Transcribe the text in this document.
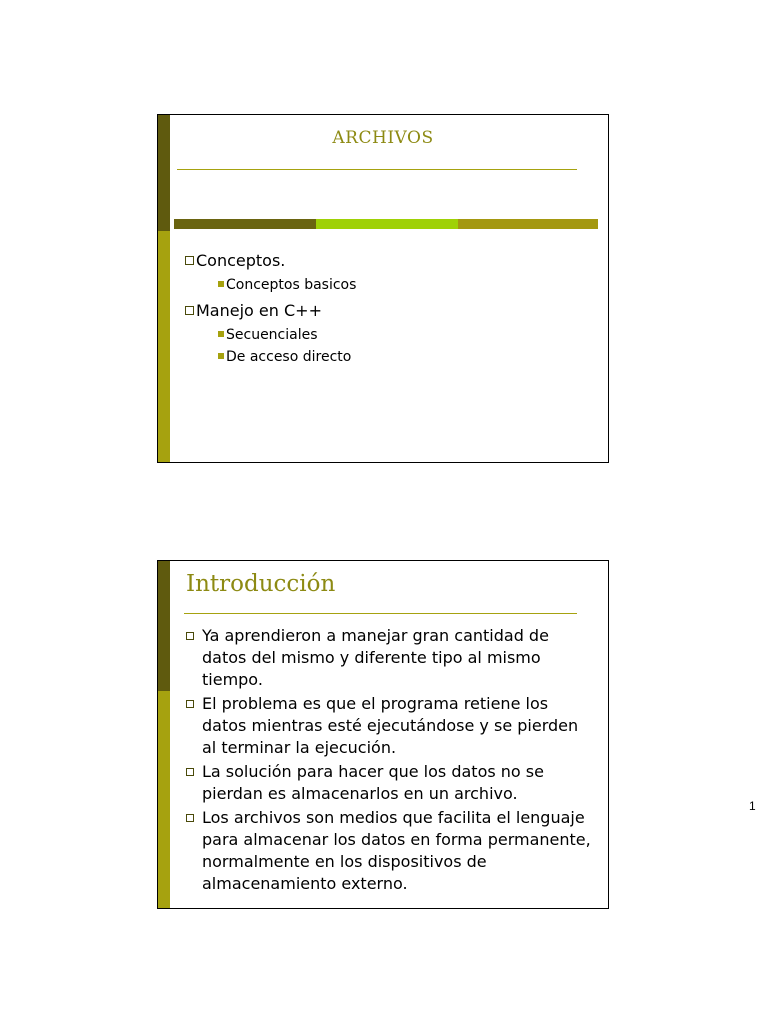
ARCHIVOS
Conceptos.
Conceptos basicos
Manejo en C++
Secuenciales
De acceso directo
Introducción
Ya aprendieron a manejar gran cantidad de datos del mismo y diferente tipo al mismo tiempo.
El problema es que el programa retiene los datos mientras esté ejecutándose y se pierden al terminar la ejecución.
La solución para hacer que los datos no se pierdan es almacenarlos en un archivo.
Los archivos son medios que facilita el lenguaje para almacenar los datos en forma permanente, normalmente en los dispositivos de almacenamiento externo.
1
